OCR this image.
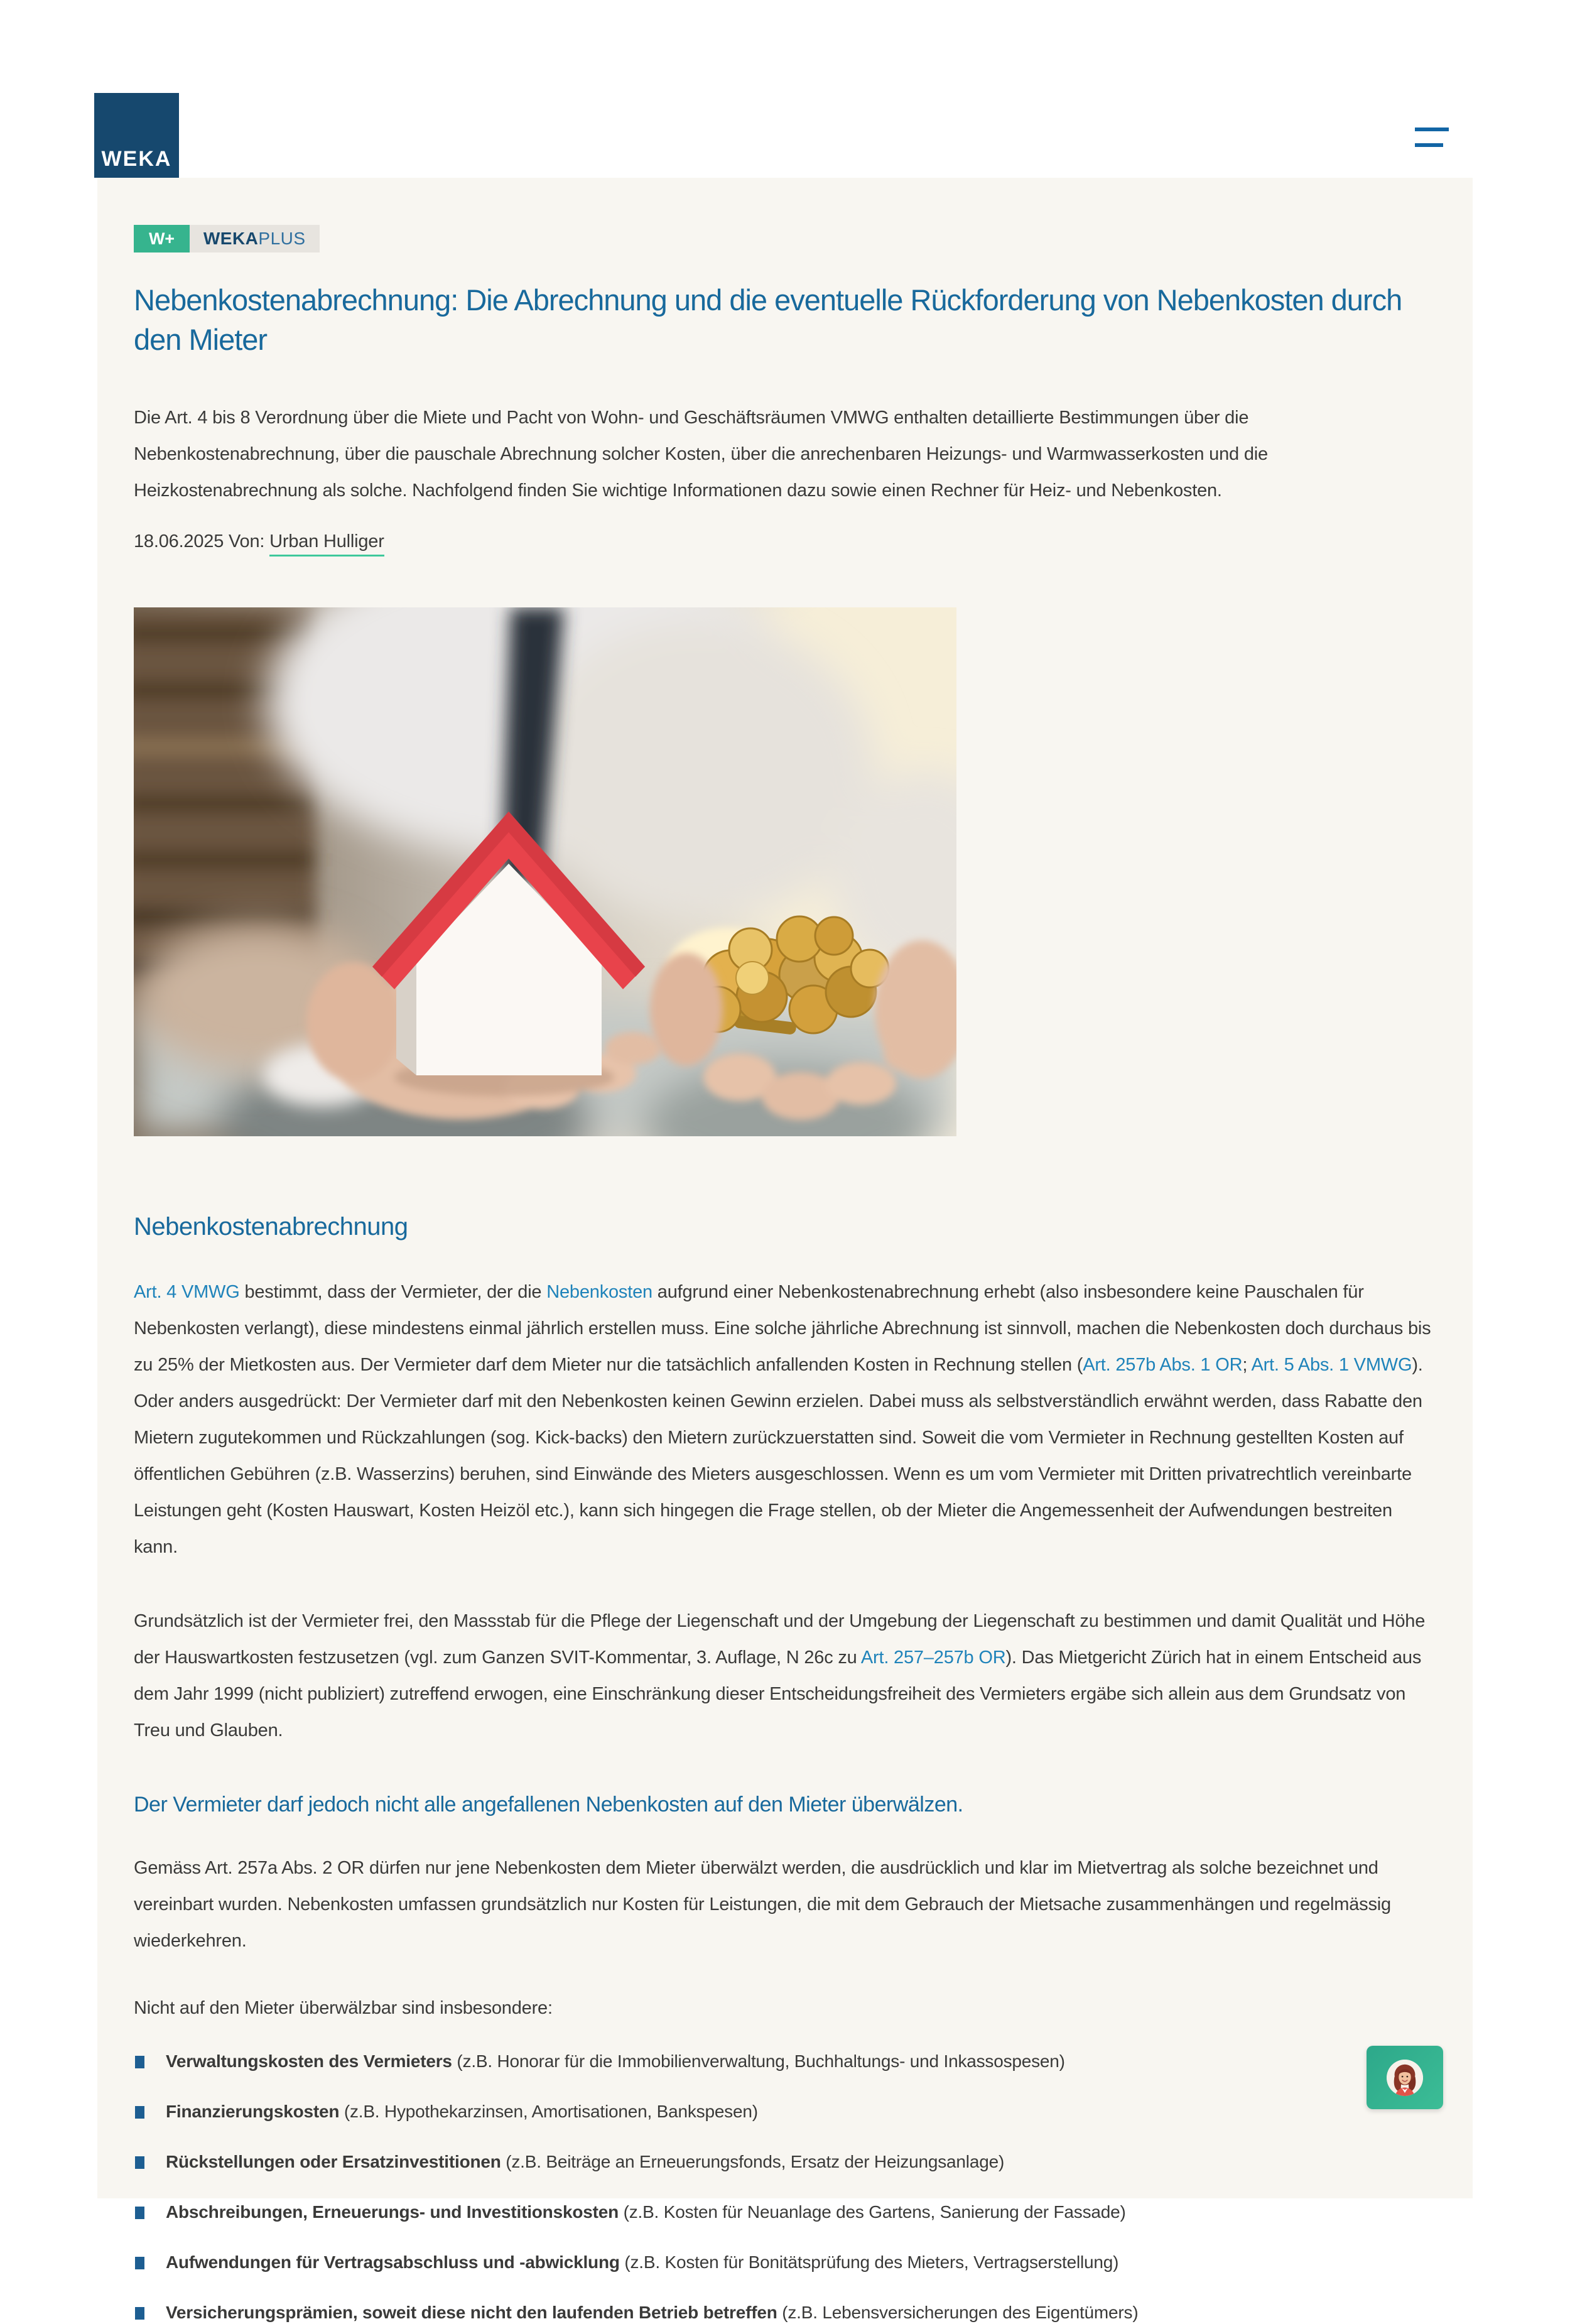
WEKA
W+	WEKA PLUS
Nebenkostenabrechnung: Die Abrechnung und die eventuelle Rückforderung von Nebenkosten durch den Mieter

Die Art. 4 bis 8 Verordnung über die Miete und Pacht von Wohn- und Geschäftsräumen VMWG enthalten detaillierte Bestimmungen über die Nebenkostenabrechnung, über die pauschale Abrechnung solcher Kosten, über die anrechenbaren Heizungs- und Warmwasserkosten und die Heizkostenabrechnung als solche. Nachfolgend finden Sie wichtige Informationen dazu sowie einen Rechner für Heiz- und Nebenkosten.

18.06.2025 Von: Urban Hulliger

Nebenkostenabrechnung

Art. 4 VMWG bestimmt, dass der Vermieter, der die Nebenkosten aufgrund einer Nebenkostenabrechnung erhebt (also insbesondere keine Pauschalen für Nebenkosten verlangt), diese mindestens einmal jährlich erstellen muss. Eine solche jährliche Abrechnung ist sinnvoll, machen die Nebenkosten doch durchaus bis zu 25% der Mietkosten aus. Der Vermieter darf dem Mieter nur die tatsächlich anfallenden Kosten in Rechnung stellen (Art. 257b Abs. 1 OR; Art. 5 Abs. 1 VMWG). Oder anders ausgedrückt: Der Vermieter darf mit den Nebenkosten keinen Gewinn erzielen. Dabei muss als selbstverständlich erwähnt werden, dass Rabatte den Mietern zugutekommen und Rückzahlungen (sog. Kick-backs) den Mietern zurückzuerstatten sind. Soweit die vom Vermieter in Rechnung gestellten Kosten auf öffentlichen Gebühren (z.B. Wasserzins) beruhen, sind Einwände des Mieters ausgeschlossen. Wenn es um vom Vermieter mit Dritten privatrechtlich vereinbarte Leistungen geht (Kosten Hauswart, Kosten Heizöl etc.), kann sich hingegen die Frage stellen, ob der Mieter die Angemessenheit der Aufwendungen bestreiten kann.

Grundsätzlich ist der Vermieter frei, den Massstab für die Pflege der Liegenschaft und der Umgebung der Liegenschaft zu bestimmen und damit Qualität und Höhe der Hauswartkosten festzusetzen (vgl. zum Ganzen SVIT-Kommentar, 3. Auflage, N 26c zu Art. 257–257b OR). Das Mietgericht Zürich hat in einem Entscheid aus dem Jahr 1999 (nicht publiziert) zutreffend erwogen, eine Einschränkung dieser Entscheidungsfreiheit des Vermieters ergäbe sich allein aus dem Grundsatz von Treu und Glauben.

Der Vermieter darf jedoch nicht alle angefallenen Nebenkosten auf den Mieter überwälzen.

Gemäss Art. 257a Abs. 2 OR dürfen nur jene Nebenkosten dem Mieter überwälzt werden, die ausdrücklich und klar im Mietvertrag als solche bezeichnet und vereinbart wurden. Nebenkosten umfassen grundsätzlich nur Kosten für Leistungen, die mit dem Gebrauch der Mietsache zusammenhängen und regelmässig wiederkehren.

Nicht auf den Mieter überwälzbar sind insbesondere:

Verwaltungskosten des Vermieters (z.B. Honorar für die Immobilienverwaltung, Buchhaltungs- und Inkassospesen)
Finanzierungskosten (z.B. Hypothekarzinsen, Amortisationen, Bankspesen)
Rückstellungen oder Ersatzinvestitionen (z.B. Beiträge an Erneuerungsfonds, Ersatz der Heizungsanlage)
Abschreibungen, Erneuerungs- und Investitionskosten (z.B. Kosten für Neuanlage des Gartens, Sanierung der Fassade)
Aufwendungen für Vertragsabschluss und -abwicklung (z.B. Kosten für Bonitätsprüfung des Mieters, Vertragserstellung)
Versicherungsprämien, soweit diese nicht den laufenden Betrieb betreffen (z.B. Lebensversicherungen des Eigentümers)
